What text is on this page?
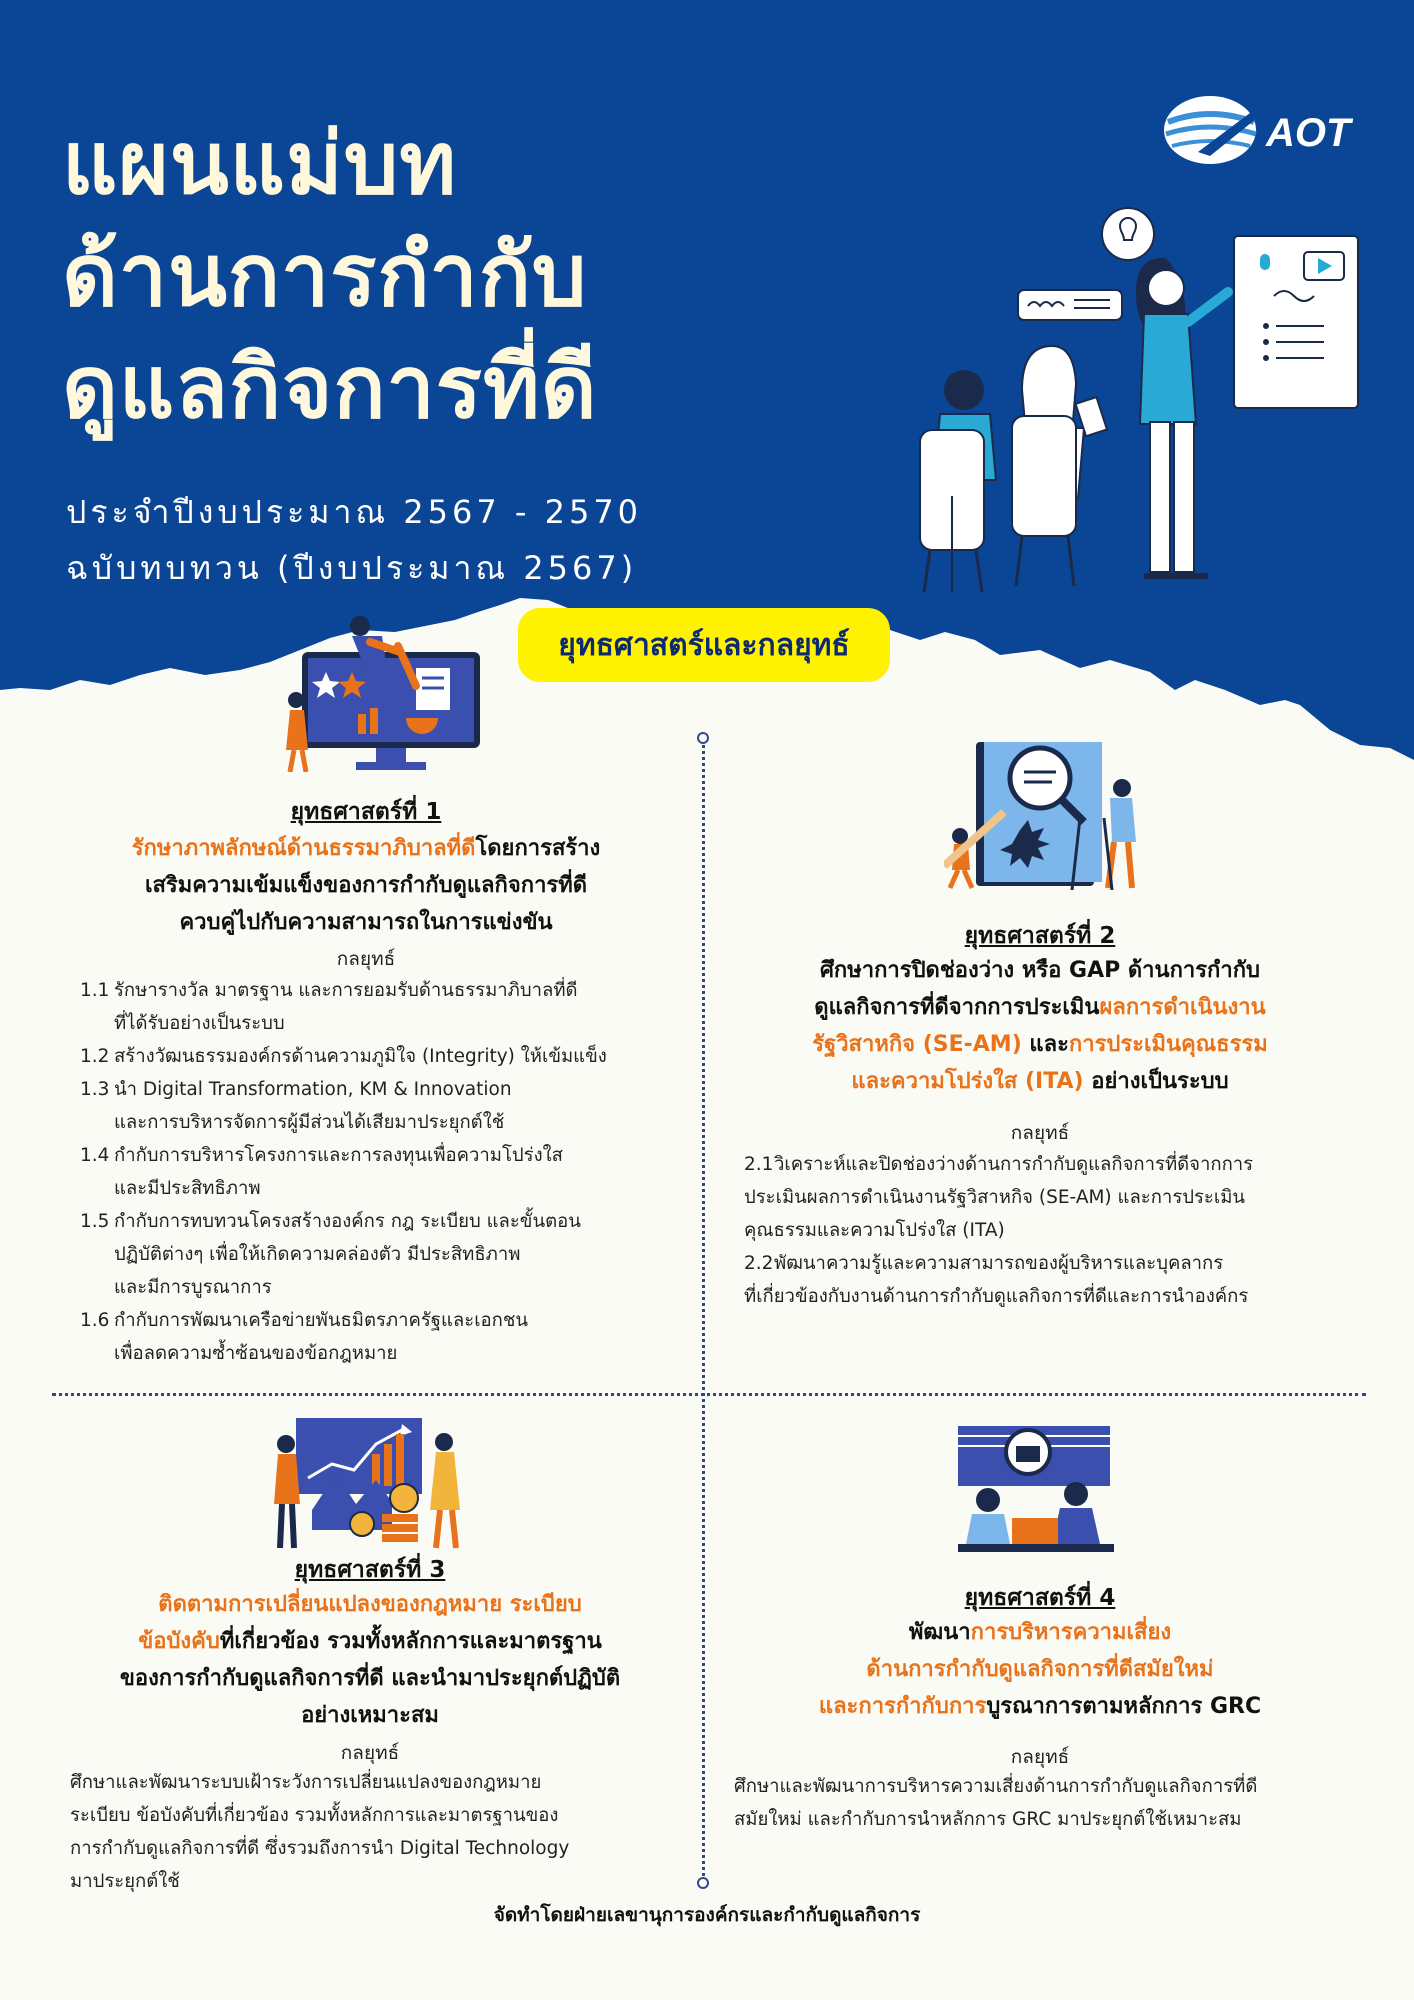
แผนแม่บท
ด้านการกำกับ
ดูแลกิจการที่ดี
ประจำปีงบประมาณ 2567 - 2570
ฉบับทบทวน (ปีงบประมาณ 2567)
AOT
ยุทธศาสตร์และกลยุทธ์
ยุทธศาสตร์ที่ 1
รักษาภาพลักษณ์ด้านธรรมาภิบาลที่ดีโดยการสร้าง
เสริมความเข้มแข็งของการกำกับดูแลกิจการที่ดี
ควบคู่ไปกับความสามารถในการแข่งขัน
กลยุทธ์
1.1 รักษารางวัล มาตรฐาน และการยอมรับด้านธรรมาภิบาลที่ดี
ที่ได้รับอย่างเป็นระบบ
1.2 สร้างวัฒนธรรมองค์กรด้านความภูมิใจ (Integrity) ให้เข้มแข็ง
1.3 นำ Digital Transformation, KM & Innovation
และการบริหารจัดการผู้มีส่วนได้เสียมาประยุกต์ใช้
1.4 กำกับการบริหารโครงการและการลงทุนเพื่อความโปร่งใส
และมีประสิทธิภาพ
1.5 กำกับการทบทวนโครงสร้างองค์กร กฎ ระเบียบ และขั้นตอน
ปฏิบัติต่างๆ เพื่อให้เกิดความคล่องตัว มีประสิทธิภาพ
และมีการบูรณาการ
1.6 กำกับการพัฒนาเครือข่ายพันธมิตรภาครัฐและเอกชน
เพื่อลดความซ้ำซ้อนของข้อกฎหมาย
ยุทธศาสตร์ที่ 2
ศึกษาการปิดช่องว่าง หรือ GAP ด้านการกำกับ
ดูแลกิจการที่ดีจากการประเมินผลการดำเนินงาน
รัฐวิสาหกิจ (SE-AM) และการประเมินคุณธรรม
และความโปร่งใส (ITA) อย่างเป็นระบบ
กลยุทธ์
2.1 วิเคราะห์และปิดช่องว่างด้านการกำกับดูแลกิจการที่ดีจากการ
ประเมินผลการดำเนินงานรัฐวิสาหกิจ (SE-AM) และการประเมิน
คุณธรรมและความโปร่งใส (ITA)
2.2 พัฒนาความรู้และความสามารถของผู้บริหารและบุคลากร
ที่เกี่ยวข้องกับงานด้านการกำกับดูแลกิจการที่ดีและการนำองค์กร
ยุทธศาสตร์ที่ 3
ติดตามการเปลี่ยนแปลงของกฎหมาย ระเบียบ
ข้อบังคับที่เกี่ยวข้อง รวมทั้งหลักการและมาตรฐาน
ของการกำกับดูแลกิจการที่ดี และนำมาประยุกต์ปฏิบัติ
อย่างเหมาะสม
กลยุทธ์
ศึกษาและพัฒนาระบบเฝ้าระวังการเปลี่ยนแปลงของกฎหมาย
ระเบียบ ข้อบังคับที่เกี่ยวข้อง รวมทั้งหลักการและมาตรฐานของ
การกำกับดูแลกิจการที่ดี ซึ่งรวมถึงการนำ Digital Technology
มาประยุกต์ใช้
ยุทธศาสตร์ที่ 4
พัฒนาการบริหารความเสี่ยง
ด้านการกำกับดูแลกิจการที่ดีสมัยใหม่
และการกำกับการบูรณาการตามหลักการ GRC
กลยุทธ์
ศึกษาและพัฒนาการบริหารความเสี่ยงด้านการกำกับดูแลกิจการที่ดี
สมัยใหม่ และกำกับการนำหลักการ GRC มาประยุกต์ใช้เหมาะสม
จัดทำโดยฝ่ายเลขานุการองค์กรและกำกับดูแลกิจการ
